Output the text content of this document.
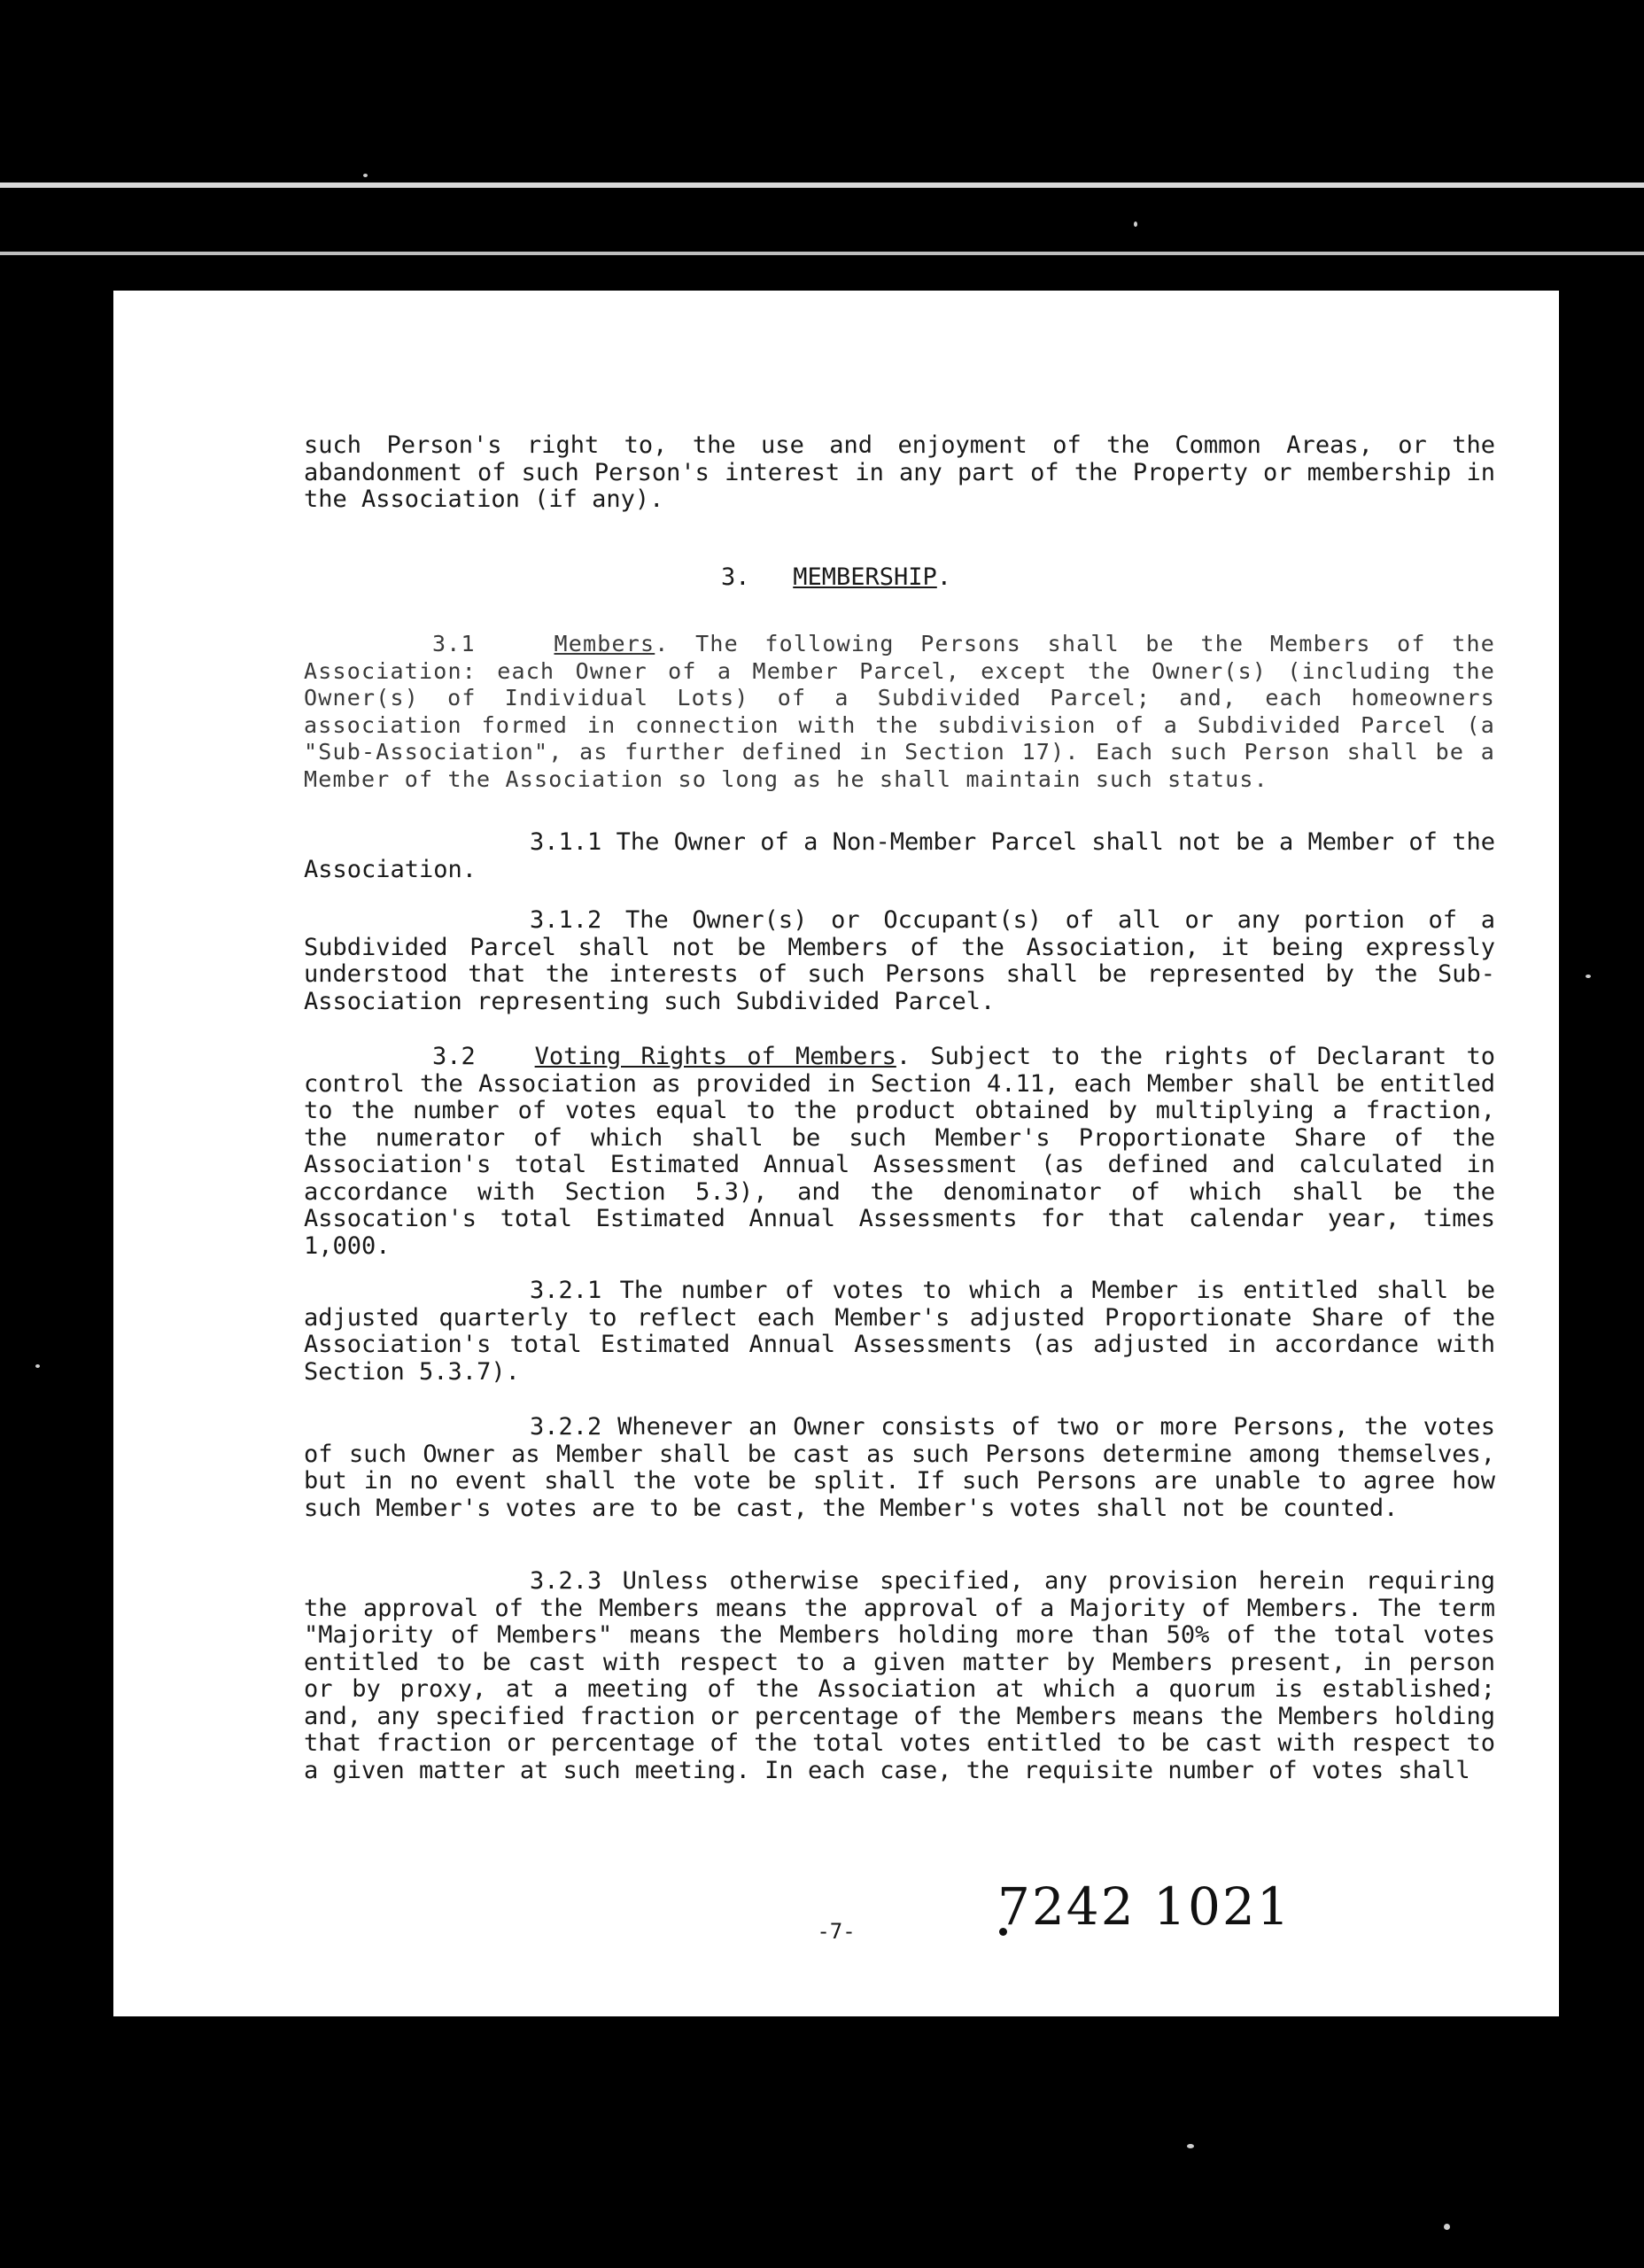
such Person's right to, the use and enjoyment of the Common Areas, or the abandonment of such Person's interest in any part of the Property or membership in the Association (if any).

3. MEMBERSHIP.

3.1	Members. The following Persons shall be the Members of the Association: each Owner of a Member Parcel, except the Owner(s) (including the Owner(s) of Individual Lots) of a Subdivided Parcel; and, each homeowners association formed in connection with the subdivision of a Subdivided Parcel (a "Sub-Association", as further defined in Section 17). Each such Person shall be a Member of the Association so long as he shall maintain such status.

3.1.1 The Owner of a Non-Member Parcel shall not be a Member of the Association.

3.1.2 The Owner(s) or Occupant(s) of all or any portion of a Subdivided Parcel shall not be Members of the Association, it being expressly understood that the interests of such Persons shall be represented by the Sub-Association representing such Subdivided Parcel.

3.2 Voting Rights of Members. Subject to the rights of Declarant to control the Association as provided in Section 4.11, each Member shall be entitled to the number of votes equal to the product obtained by multiplying a fraction, the numerator of which shall be such Member's Proportionate Share of the Association's total Estimated Annual Assessment (as defined and calculated in accordance with Section 5.3), and the denominator of which shall be the Assocation's total Estimated Annual Assessments for that calendar year, times 1,000.

3.2.1 The number of votes to which a Member is entitled shall be adjusted quarterly to reflect each Member's adjusted Proportionate Share of the Association's total Estimated Annual Assessments (as adjusted in accordance with Section 5.3.7).

3.2.2 Whenever an Owner consists of two or more Persons, the votes of such Owner as Member shall be cast as such Persons determine among themselves, but in no event shall the vote be split. If such Persons are unable to agree how such Member's votes are to be cast, the Member's votes shall not be counted.

3.2.3 Unless otherwise specified, any provision herein requiring the approval of the Members means the approval of a Majority of Members. The term "Majority of Members" means the Members holding more than 50% of the total votes entitled to be cast with respect to a given matter by Members present, in person or by proxy, at a meeting of the Association at which a quorum is established; and, any specified fraction or percentage of the Members means the Members holding that fraction or percentage of the total votes entitled to be cast with respect to a given matter at such meeting. In each case, the requisite number of votes shall

-7-	7242 1021
